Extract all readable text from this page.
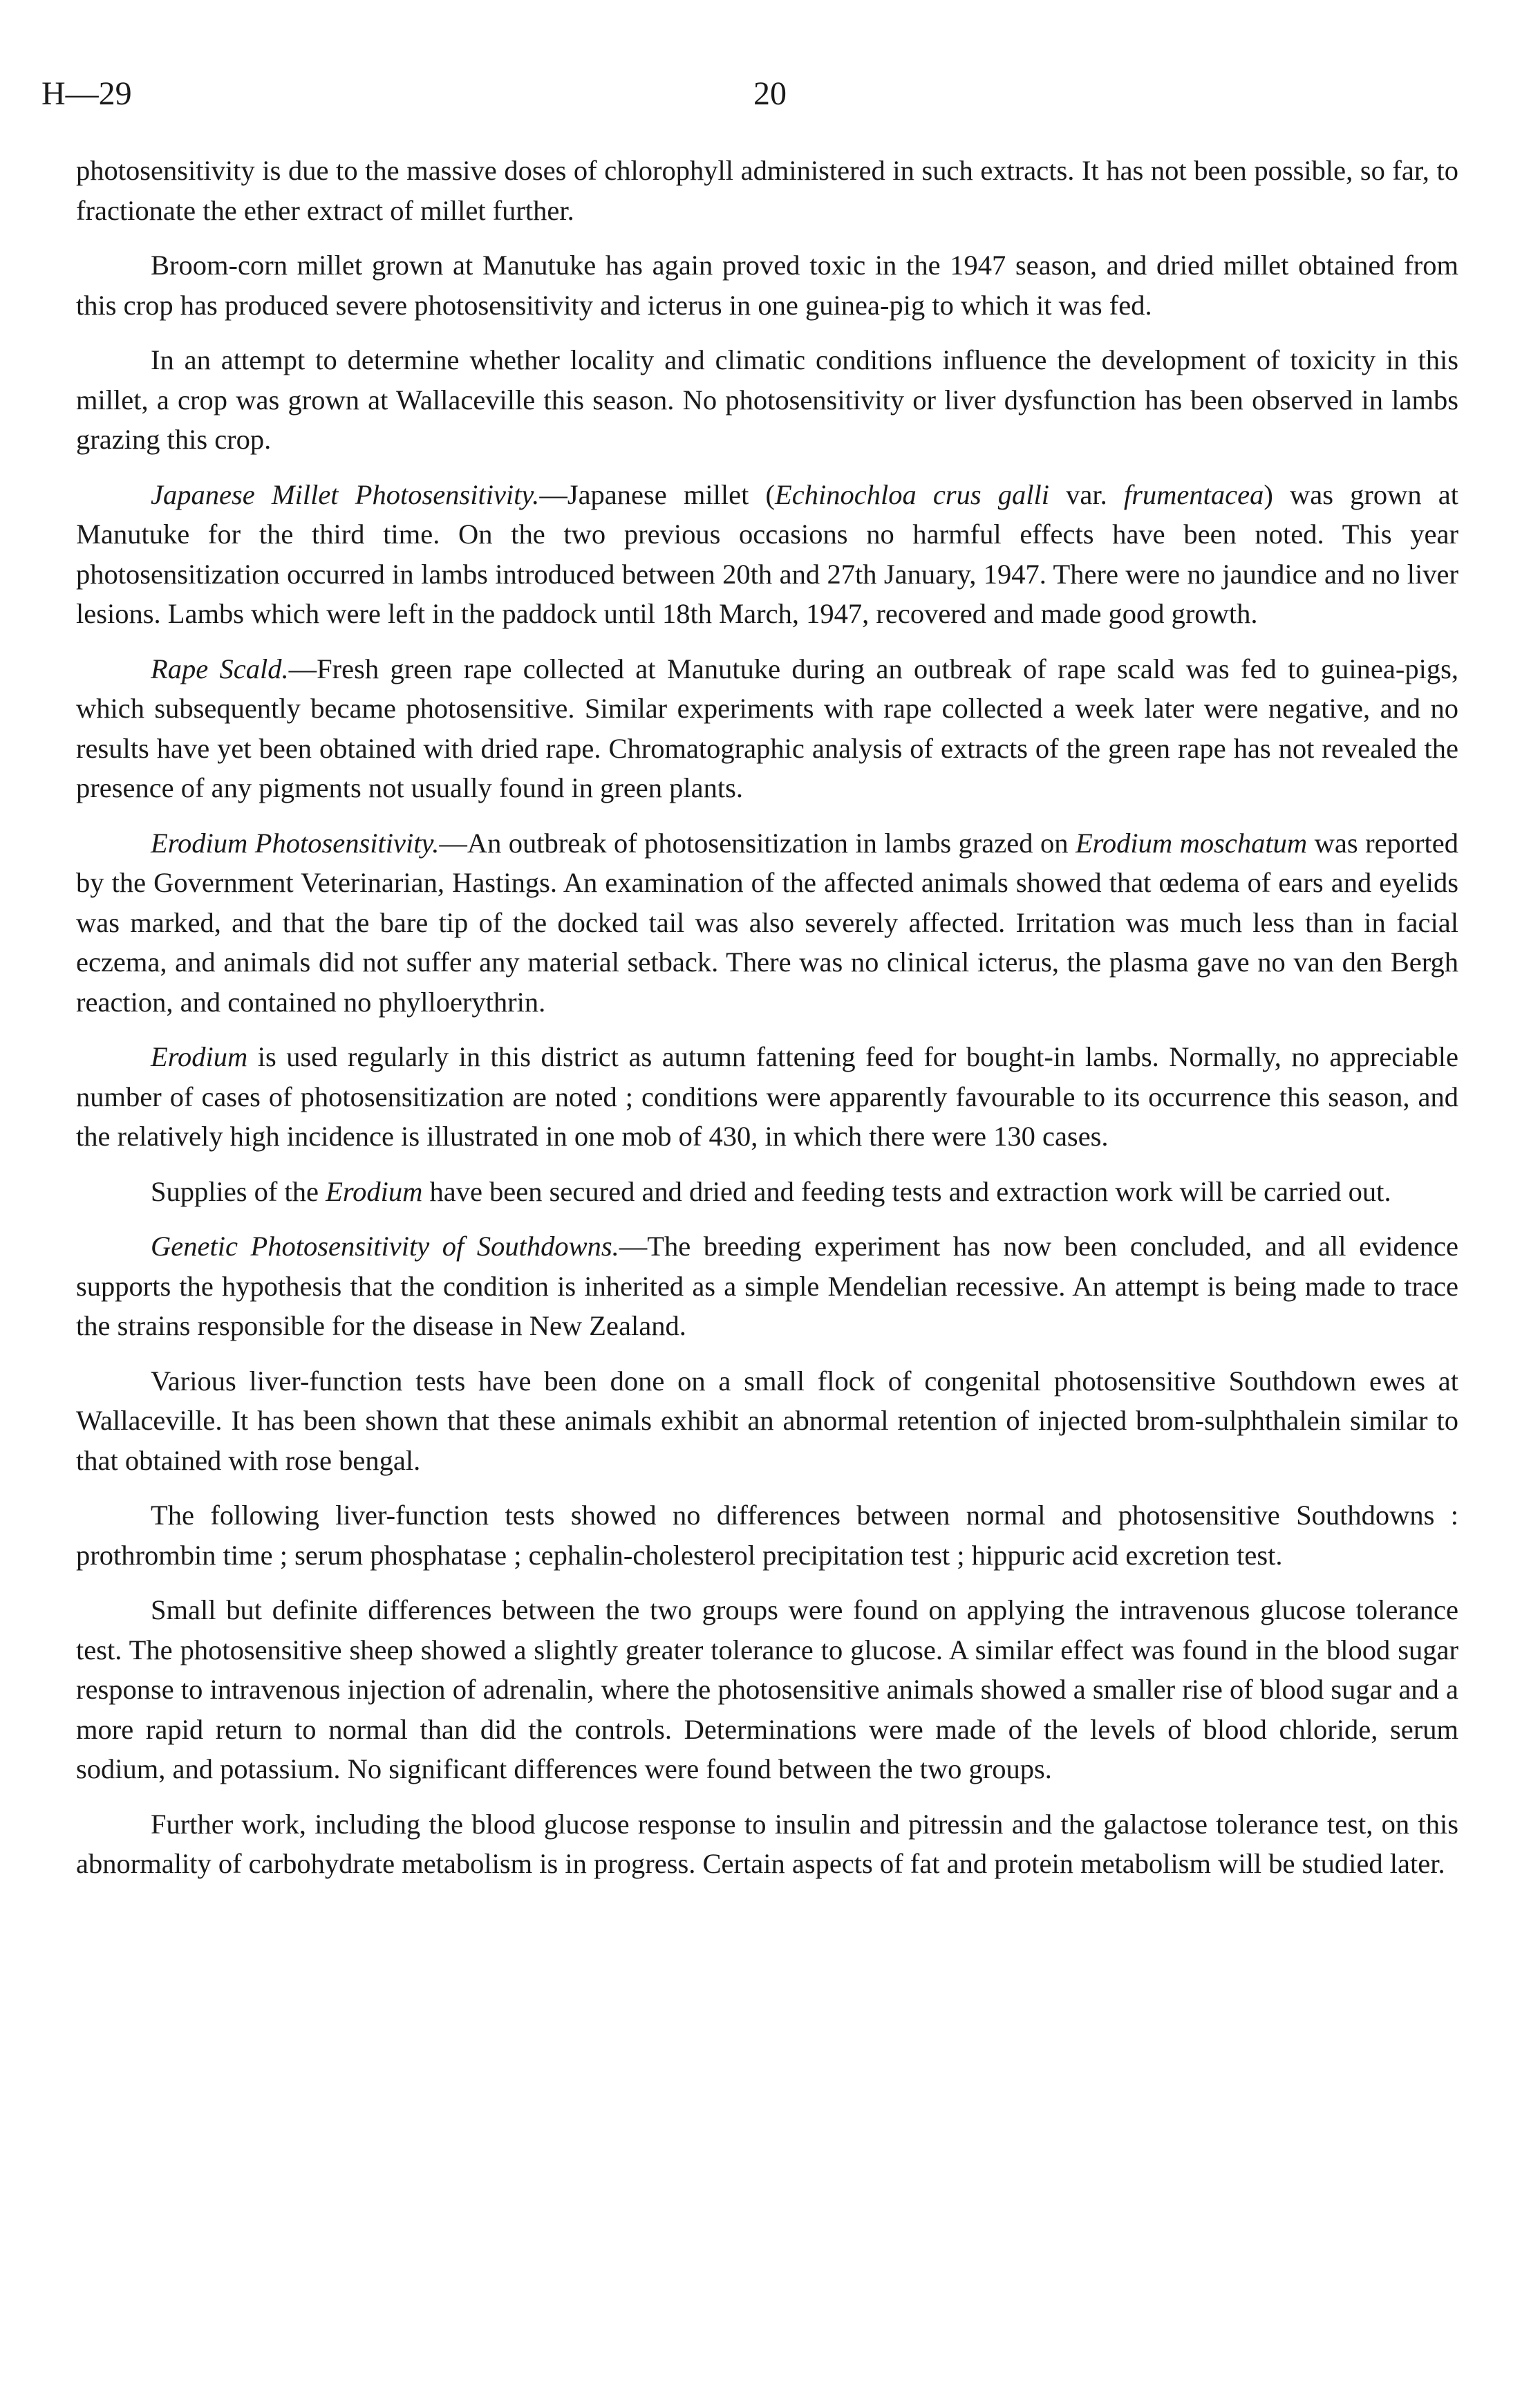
H—29	20

photosensitivity is due to the massive doses of chlorophyll administered in such extracts. It has not been possible, so far, to fractionate the ether extract of millet further.

Broom-corn millet grown at Manutuke has again proved toxic in the 1947 season, and dried millet obtained from this crop has produced severe photosensitivity and icterus in one guinea-pig to which it was fed.

In an attempt to determine whether locality and climatic conditions influence the development of toxicity in this millet, a crop was grown at Wallaceville this season. No photosensitivity or liver dysfunction has been observed in lambs grazing this crop.

Japanese Millet Photosensitivity.—Japanese millet (Echinochloa crus galli var. frumentacea) was grown at Manutuke for the third time. On the two previous occasions no harmful effects have been noted. This year photosensitization occurred in lambs introduced between 20th and 27th January, 1947. There were no jaundice and no liver lesions. Lambs which were left in the paddock until 18th March, 1947, recovered and made good growth.

Rape Scald.—Fresh green rape collected at Manutuke during an outbreak of rape scald was fed to guinea-pigs, which subsequently became photosensitive. Similar experiments with rape collected a week later were negative, and no results have yet been obtained with dried rape. Chromatographic analysis of extracts of the green rape has not revealed the presence of any pigments not usually found in green plants.

Erodium Photosensitivity.—An outbreak of photosensitization in lambs grazed on Erodium moschatum was reported by the Government Veterinarian, Hastings. An examination of the affected animals showed that œdema of ears and eyelids was marked, and that the bare tip of the docked tail was also severely affected. Irritation was much less than in facial eczema, and animals did not suffer any material setback. There was no clinical icterus, the plasma gave no van den Bergh reaction, and contained no phylloerythrin.

Erodium is used regularly in this district as autumn fattening feed for bought-in lambs. Normally, no appreciable number of cases of photosensitization are noted ; conditions were apparently favourable to its occurrence this season, and the relatively high incidence is illustrated in one mob of 430, in which there were 130 cases.

Supplies of the Erodium have been secured and dried and feeding tests and extraction work will be carried out.

Genetic Photosensitivity of Southdowns.—The breeding experiment has now been concluded, and all evidence supports the hypothesis that the condition is inherited as a simple Mendelian recessive. An attempt is being made to trace the strains responsible for the disease in New Zealand.

Various liver-function tests have been done on a small flock of congenital photosensitive Southdown ewes at Wallaceville. It has been shown that these animals exhibit an abnormal retention of injected brom-sulphthalein similar to that obtained with rose bengal.

The following liver-function tests showed no differences between normal and photosensitive Southdowns : prothrombin time ; serum phosphatase ; cephalin-cholesterol precipitation test ; hippuric acid excretion test.

Small but definite differences between the two groups were found on applying the intravenous glucose tolerance test. The photosensitive sheep showed a slightly greater tolerance to glucose. A similar effect was found in the blood sugar response to intravenous injection of adrenalin, where the photosensitive animals showed a smaller rise of blood sugar and a more rapid return to normal than did the controls. Determinations were made of the levels of blood chloride, serum sodium, and potassium. No significant differences were found between the two groups.

Further work, including the blood glucose response to insulin and pitressin and the galactose tolerance test, on this abnormality of carbohydrate metabolism is in progress. Certain aspects of fat and protein metabolism will be studied later.
